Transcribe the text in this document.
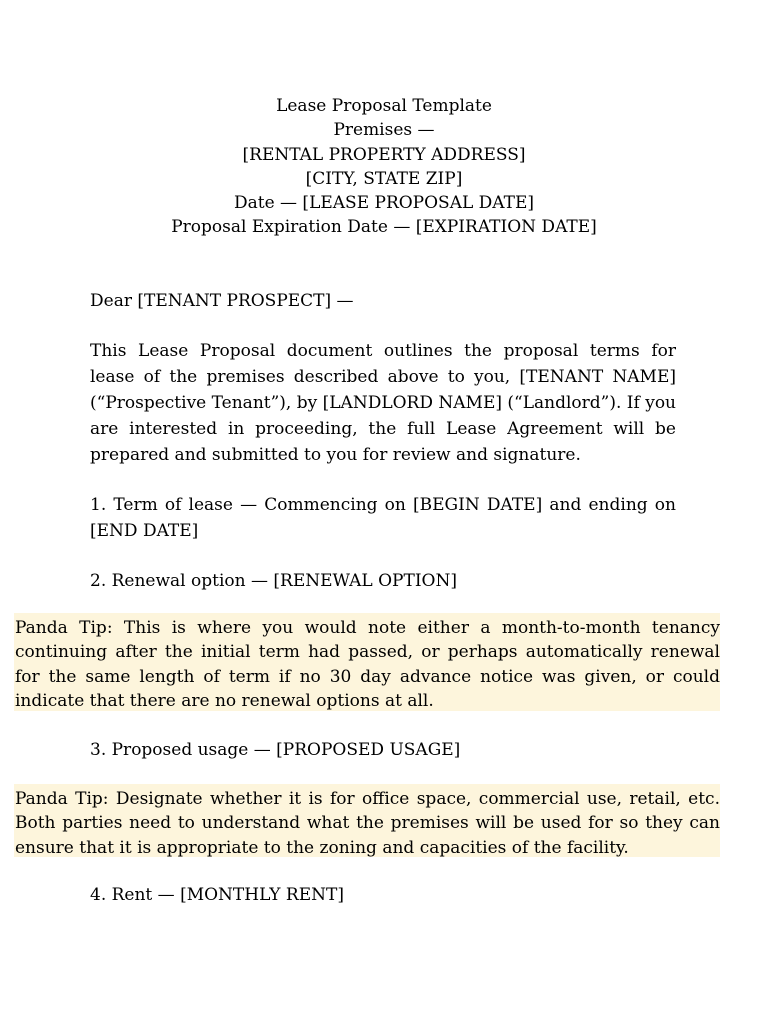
Lease Proposal Template
Premises —
[RENTAL PROPERTY ADDRESS]
[CITY, STATE ZIP]
Date — [LEASE PROPOSAL DATE]
Proposal Expiration Date — [EXPIRATION DATE]
Dear [TENANT PROSPECT] —
This Lease Proposal document outlines the proposal terms for lease of the premises described above to you, [TENANT NAME] (“Prospective Tenant”), by [LANDLORD NAME] (“Landlord”). If you are interested in proceeding, the full Lease Agreement will be prepared and submitted to you for review and signature.
1. Term of lease — Commencing on [BEGIN DATE] and ending on [END DATE]
2. Renewal option — [RENEWAL OPTION]
Panda Tip: This is where you would note either a month-to-month tenancy continuing after the initial term had passed, or perhaps automatically renewal for the same length of term if no 30 day advance notice was given, or could indicate that there are no renewal options at all.
3. Proposed usage — [PROPOSED USAGE]
Panda Tip: Designate whether it is for office space, commercial use, retail, etc. Both parties need to understand what the premises will be used for so they can ensure that it is appropriate to the zoning and capacities of the facility.
4. Rent — [MONTHLY RENT]
